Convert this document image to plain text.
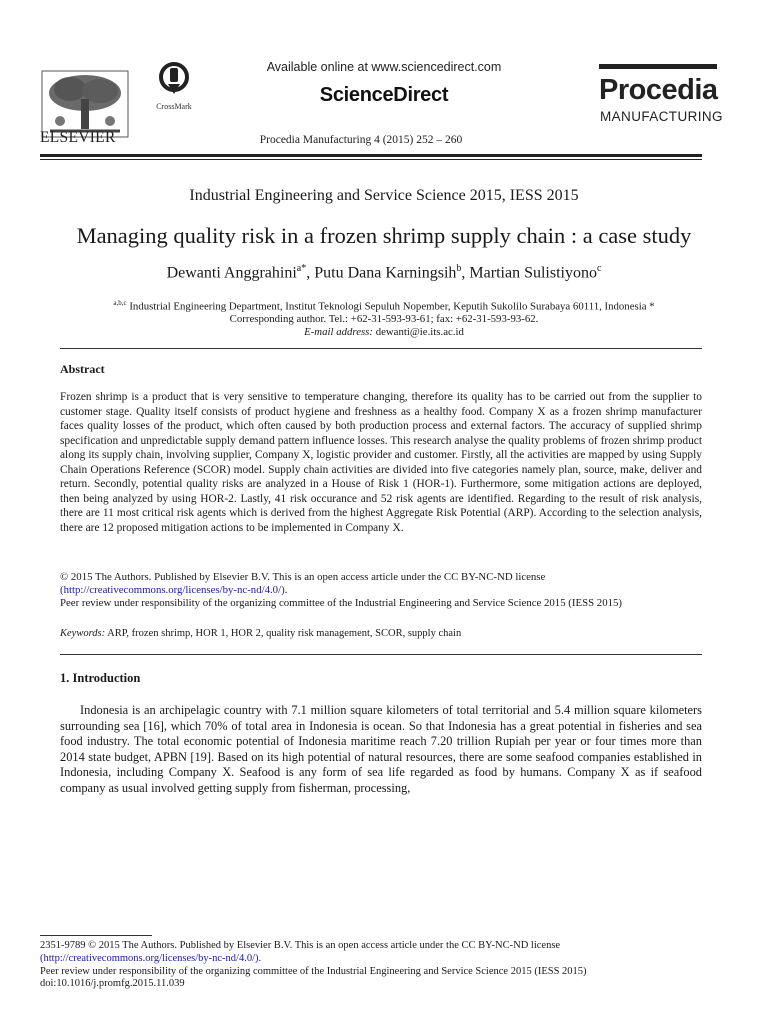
ELSEVIER
CrossMark
Available online at www.sciencedirect.com
ScienceDirect
Procedia Manufacturing 4 (2015) 252 – 260
Procedia
MANUFACTURING
Industrial Engineering and Service Science 2015, IESS 2015
Managing quality risk in a frozen shrimp supply chain : a case study
Dewanti Anggrahini$^{a*}$, Putu Dana Karningsih$^b$, Martian Sulistiyono$^c$
$^{a,b,c}$ Industrial Engineering Department, Institut Teknologi Sepuluh Nopember, Keputih Sukolilo Surabaya 60111, Indonesia *
Corresponding author. Tel.: +62-31-593-93-61; fax: +62-31-593-93-62.
E-mail address: dewanti@ie.its.ac.id
Abstract
Frozen shrimp is a product that is very sensitive to temperature changing, therefore its quality has to be carried out from the supplier to customer stage. Quality itself consists of product hygiene and freshness as a healthy food. Company X as a frozen shrimp manufacturer faces quality losses of the product, which often caused by both production process and external factors. The accuracy of supplied shrimp specification and unpredictable supply demand pattern influence losses. This research analyse the quality problems of frozen shrimp product along its supply chain, involving supplier, Company X, logistic provider and customer. Firstly, all the activities are mapped by using Supply Chain Operations Reference (SCOR) model. Supply chain activities are divided into five categories namely plan, source, make, deliver and return. Secondly, potential quality risks are analyzed in a House of Risk 1 (HOR-1). Furthermore, some mitigation actions are deployed, then being analyzed by using HOR-2. Lastly, 41 risk occurance and 52 risk agents are identified. Regarding to the result of risk analysis, there are 11 most critical risk agents which is derived from the highest Aggregate Risk Potential (ARP). According to the selection analysis, there are 12 proposed mitigation actions to be implemented in Company X.
© 2015 The Authors. Published by Elsevier B.V. This is an open access article under the CC BY-NC-ND license
(http://creativecommons.org/licenses/by-nc-nd/4.0/).
Peer review under responsibility of the organizing committee of the Industrial Engineering and Service Science 2015 (IESS 2015)
Keywords: ARP, frozen shrimp, HOR 1, HOR 2, quality risk management, SCOR, supply chain
1. Introduction
Indonesia is an archipelagic country with 7.1 million square kilometers of total territorial and 5.4 million square kilometers surrounding sea [16], which 70% of total area in Indonesia is ocean. So that Indonesia has a great potential in fisheries and sea food industry. The total economic potential of Indonesia maritime reach 7.20 trillion Rupiah per year or four times more than 2014 state budget, APBN [19]. Based on its high potential of natural resources, there are some seafood companies established in Indonesia, including Company X. Seafood is any form of sea life regarded as food by humans. Company X as if seafood company as usual involved getting supply from fisherman, processing,
2351-9789 © 2015 The Authors. Published by Elsevier B.V. This is an open access article under the CC BY-NC-ND license
(http://creativecommons.org/licenses/by-nc-nd/4.0/).
Peer review under responsibility of the organizing committee of the Industrial Engineering and Service Science 2015 (IESS 2015)
doi:10.1016/j.promfg.2015.11.039
